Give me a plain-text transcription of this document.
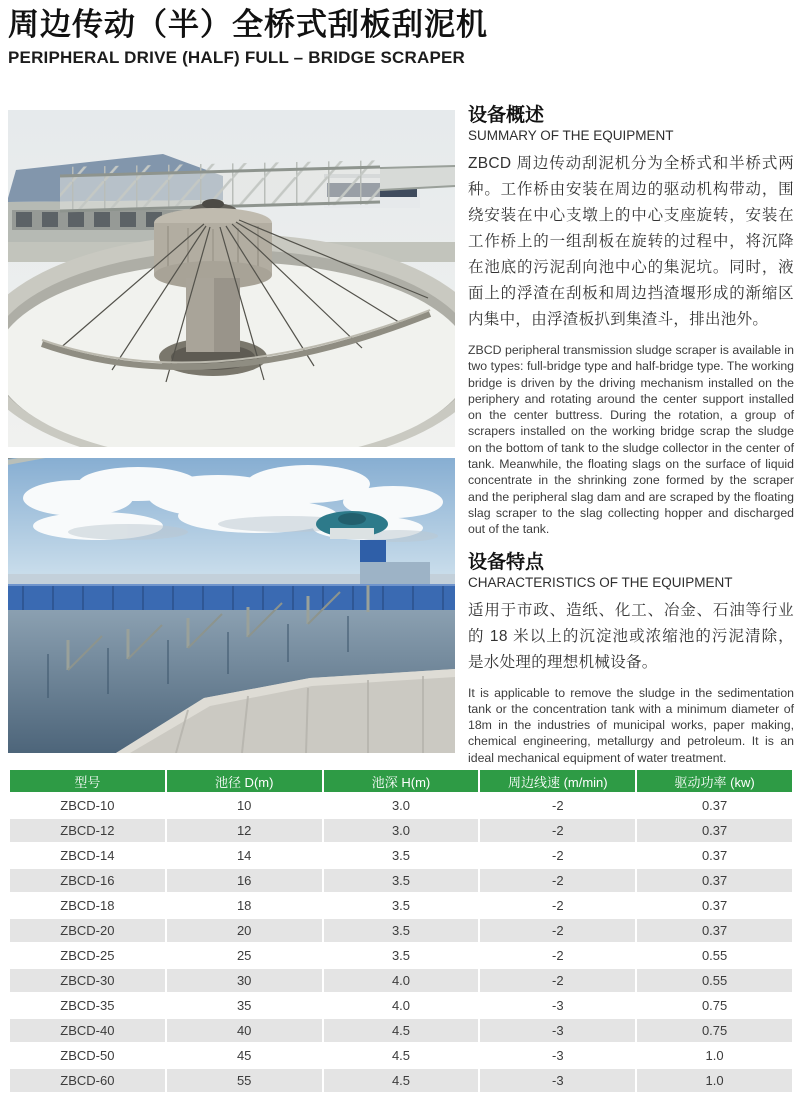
周边传动（半）全桥式刮板刮泥机
PERIPHERAL DRIVE (HALF) FULL – BRIDGE SCRAPER

设备概述

SUMMARY OF THE EQUIPMENT

ZBCD 周边传动刮泥机分为全桥式和半桥式两种。工作桥由安装在周边的驱动机构带动，围绕安装在中心支墩上的中心支座旋转，安装在工作桥上的一组刮板在旋转的过程中，将沉降在池底的污泥刮向池中心的集泥坑。同时，液面上的浮渣在刮板和周边挡渣堰形成的渐缩区内集中，由浮渣板扒到集渣斗，排出池外。

ZBCD peripheral transmission sludge scraper is available in two types: full-bridge type and half-bridge type. The working bridge is driven by the driving mechanism installed on the periphery and rotating around the center support installed on the center buttress. During the rotation, a group of scrapers installed on the working bridge scrap the sludge on the bottom of tank to the sludge collector in the center of tank. Meanwhile, the floating slags on the surface of liquid concentrate in the shrinking zone formed by the scraper and the peripheral slag dam and are scraped by the floating slag scraper to the slag collecting hopper and discharged out of the tank.

设备特点

CHARACTERISTICS OF THE EQUIPMENT

适用于市政、造纸、化工、冶金、石油等行业的 18 米以上的沉淀池或浓缩池的污泥清除，是水处理的理想机械设备。

It is applicable to remove the sludge in the sedimentation tank or the concentration tank with a minimum diameter of 18m in the industries of municipal works, paper making, chemical engineering, metallurgy and petroleum. It is an ideal mechanical equipment of water treatment.

型号	池径 D(m)	池深 H(m)	周边线速 (m/min)	驱动功率 (kw)
ZBCD-10	10	3.0	-2	0.37
ZBCD-12	12	3.0	-2	0.37
ZBCD-14	14	3.5	-2	0.37
ZBCD-16	16	3.5	-2	0.37
ZBCD-18	18	3.5	-2	0.37
ZBCD-20	20	3.5	-2	0.37
ZBCD-25	25	3.5	-2	0.55
ZBCD-30	30	4.0	-2	0.55
ZBCD-35	35	4.0	-3	0.75
ZBCD-40	40	4.5	-3	0.75
ZBCD-50	45	4.5	-3	1.0
ZBCD-60	55	4.5	-3	1.0
